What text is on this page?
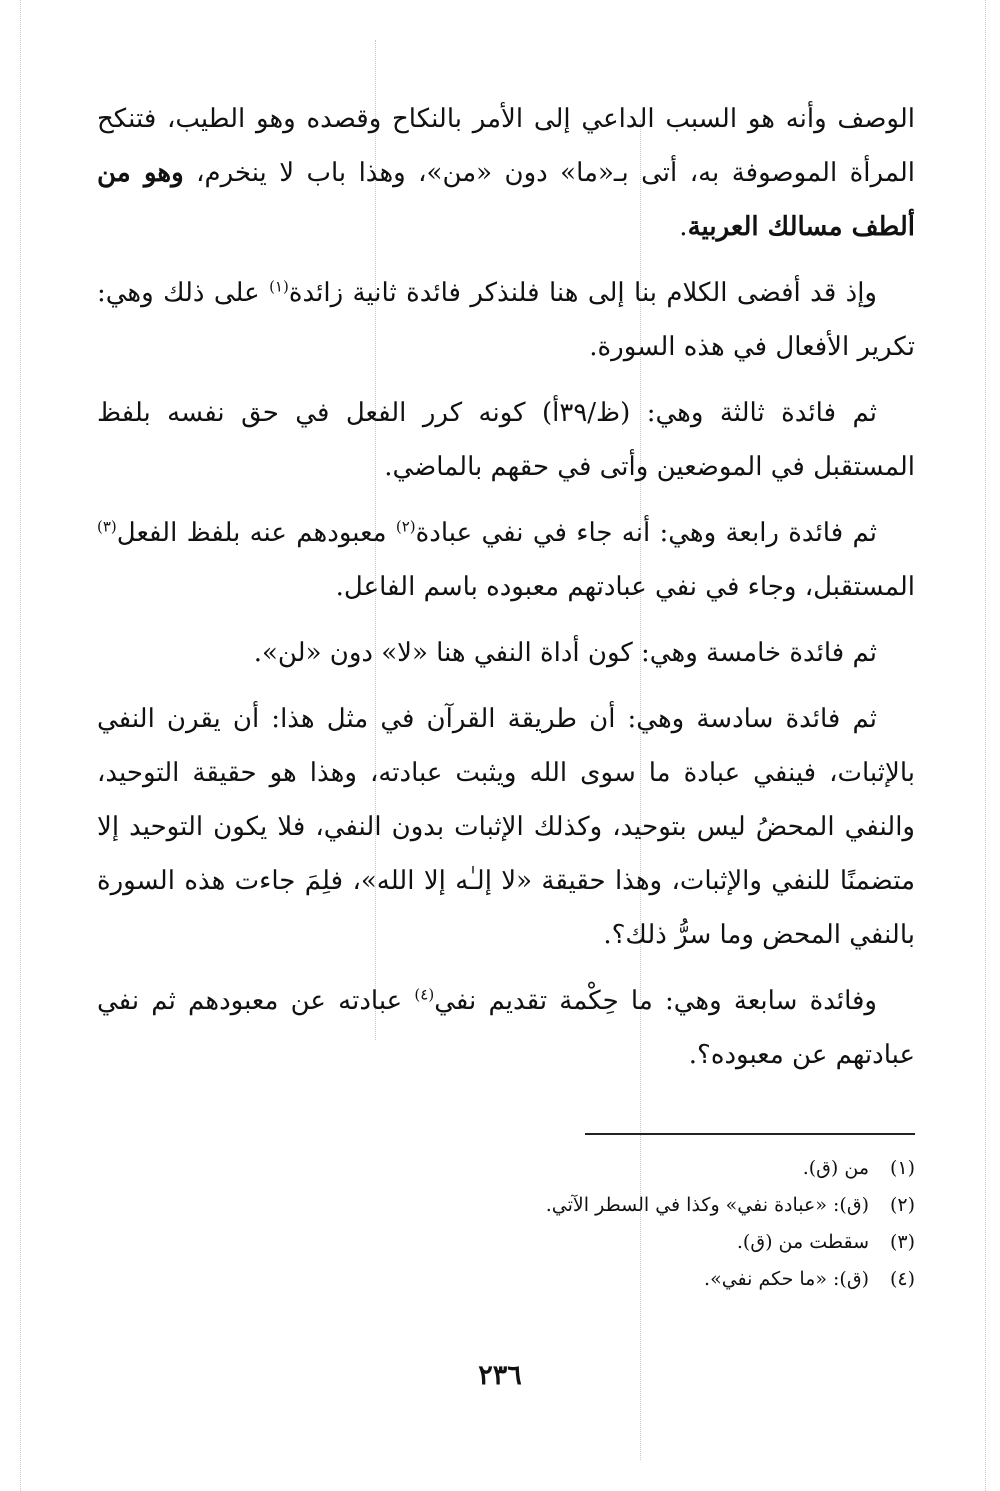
الوصف وأنه هو السبب الداعي إلى الأمر بالنكاح وقصده وهو الطيب، فتنكح المرأة الموصوفة به، أتى بـ«ما» دون «من»، وهذا باب لا ينخرم، وهو من ألطف مسالك العربية.

وإذ قد أفضى الكلام بنا إلى هنا فلنذكر فائدة ثانية زائدة$^{(١)}$ على ذلك وهي: تكرير الأفعال في هذه السورة.

ثم فائدة ثالثة وهي: (ظ/٣٩أ) كونه كرر الفعل في حق نفسه بلفظ المستقبل في الموضعين وأتى في حقهم بالماضي.

ثم فائدة رابعة وهي: أنه جاء في نفي عبادة$^{(٢)}$ معبودهم عنه بلفظ الفعل$^{(٣)}$ المستقبل، وجاء في نفي عبادتهم معبوده باسم الفاعل.

ثم فائدة خامسة وهي: كون أداة النفي هنا «لا» دون «لن».

ثم فائدة سادسة وهي: أن طريقة القرآن في مثل هذا: أن يقرن النفي بالإثبات، فينفي عبادة ما سوى الله ويثبت عبادته، وهذا هو حقيقة التوحيد، والنفي المحضُ ليس بتوحيد، وكذلك الإثبات بدون النفي، فلا يكون التوحيد إلا متضمنًا للنفي والإثبات، وهذا حقيقة «لا إلـٰه إلا الله»، فلِمَ جاءت هذه السورة بالنفي المحض وما سرُّ ذلك؟.

وفائدة سابعة وهي: ما حِكْمة تقديم نفي$^{(٤)}$ عبادته عن معبودهم ثم نفي عبادتهم عن معبوده؟.

(١)من (ق).
(٢)(ق): «عبادة نفي» وكذا في السطر الآتي.
(٣)سقطت من (ق).
(٤)(ق): «ما حكم نفي».
٢٣٦
